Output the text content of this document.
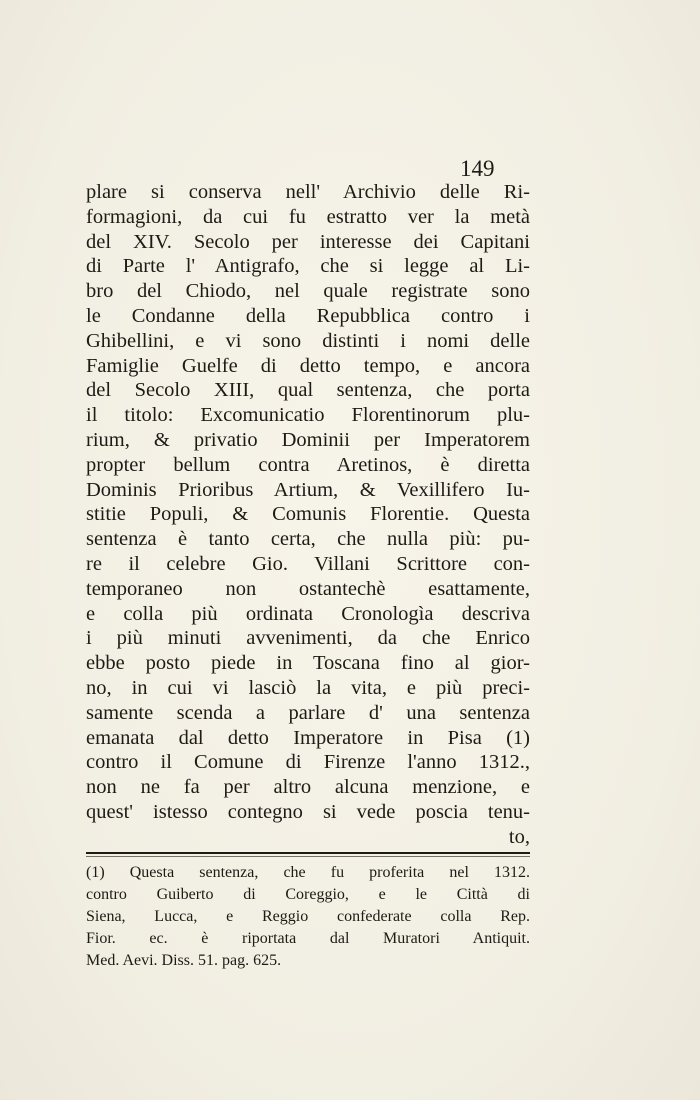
149
plare si conserva nell' Archivio delle Ri-
formagioni, da cui fu estratto ver la metà
del XIV. Secolo per interesse dei Capitani
di Parte l' Antigrafo, che si legge al Li-
bro del Chiodo, nel quale registrate sono
le Condanne della Repubblica contro i
Ghibellini, e vi sono distinti i nomi delle
Famiglie Guelfe di detto tempo, e ancora
del Secolo XIII, qual sentenza, che porta
il titolo: Excomunicatio Florentinorum plu-
rium, & privatio Dominii per Imperatorem
propter bellum contra Aretinos, è diretta
Dominis Prioribus Artium, & Vexillifero Iu-
stitie Populi, & Comunis Florentie. Questa
sentenza è tanto certa, che nulla più: pu-
re il celebre Gio. Villani Scrittore con-
temporaneo non ostantechè esattamente,
e colla più ordinata Cronologìa descriva
i più minuti avvenimenti, da che Enrico
ebbe posto piede in Toscana fino al gior-
no, in cui vi lasciò la vita, e più preci-
samente scenda a parlare d' una sentenza
emanata dal detto Imperatore in Pisa (1)
contro il Comune di Firenze l'anno 1312.,
non ne fa per altro alcuna menzione, e
quest' istesso contegno si vede poscia tenu-
to,
(1) Questa sentenza, che fu proferita nel 1312.
contro Guiberto di Coreggio, e le Città di
Siena, Lucca, e Reggio confederate colla Rep.
Fior. ec. è riportata dal Muratori Antiquit.
Med. Aevi. Diss. 51. pag. 625.
